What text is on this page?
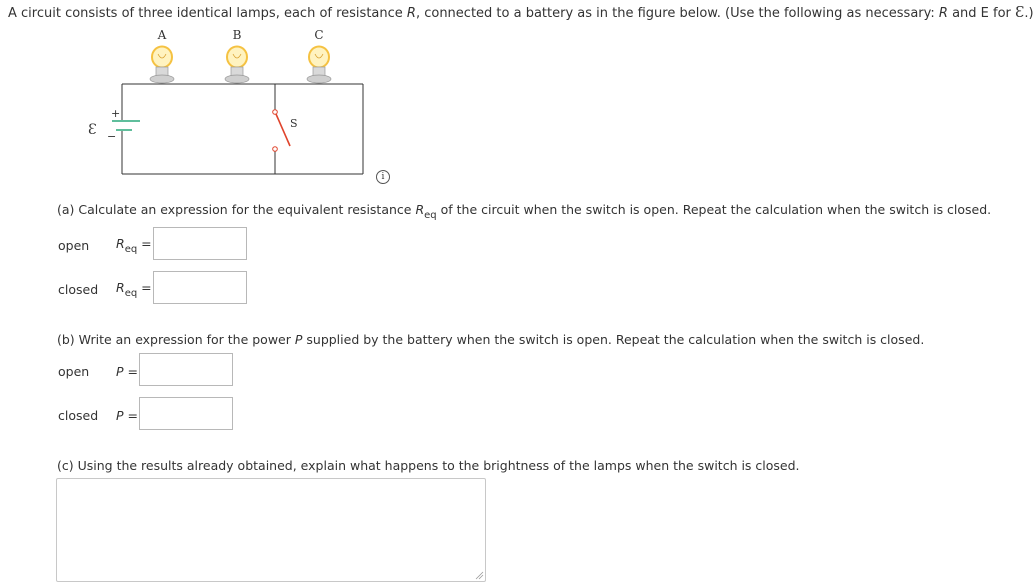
A circuit consists of three identical lamps, each of resistance R, connected to a battery as in the figure below. (Use the following as necessary: R and E for Ɛ.)
A	B	C
S
+
−
Ɛ
i
(a) Calculate an expression for the equivalent resistance $R_{eq}$ of the circuit when the switch is open. Repeat the calculation when the switch is closed.
open $R_{eq}$ =
closed $R_{eq}$ =
(b) Write an expression for the power P supplied by the battery when the switch is open. Repeat the calculation when the switch is closed.
open P =
closed P =
(c) Using the results already obtained, explain what happens to the brightness of the lamps when the switch is closed.
